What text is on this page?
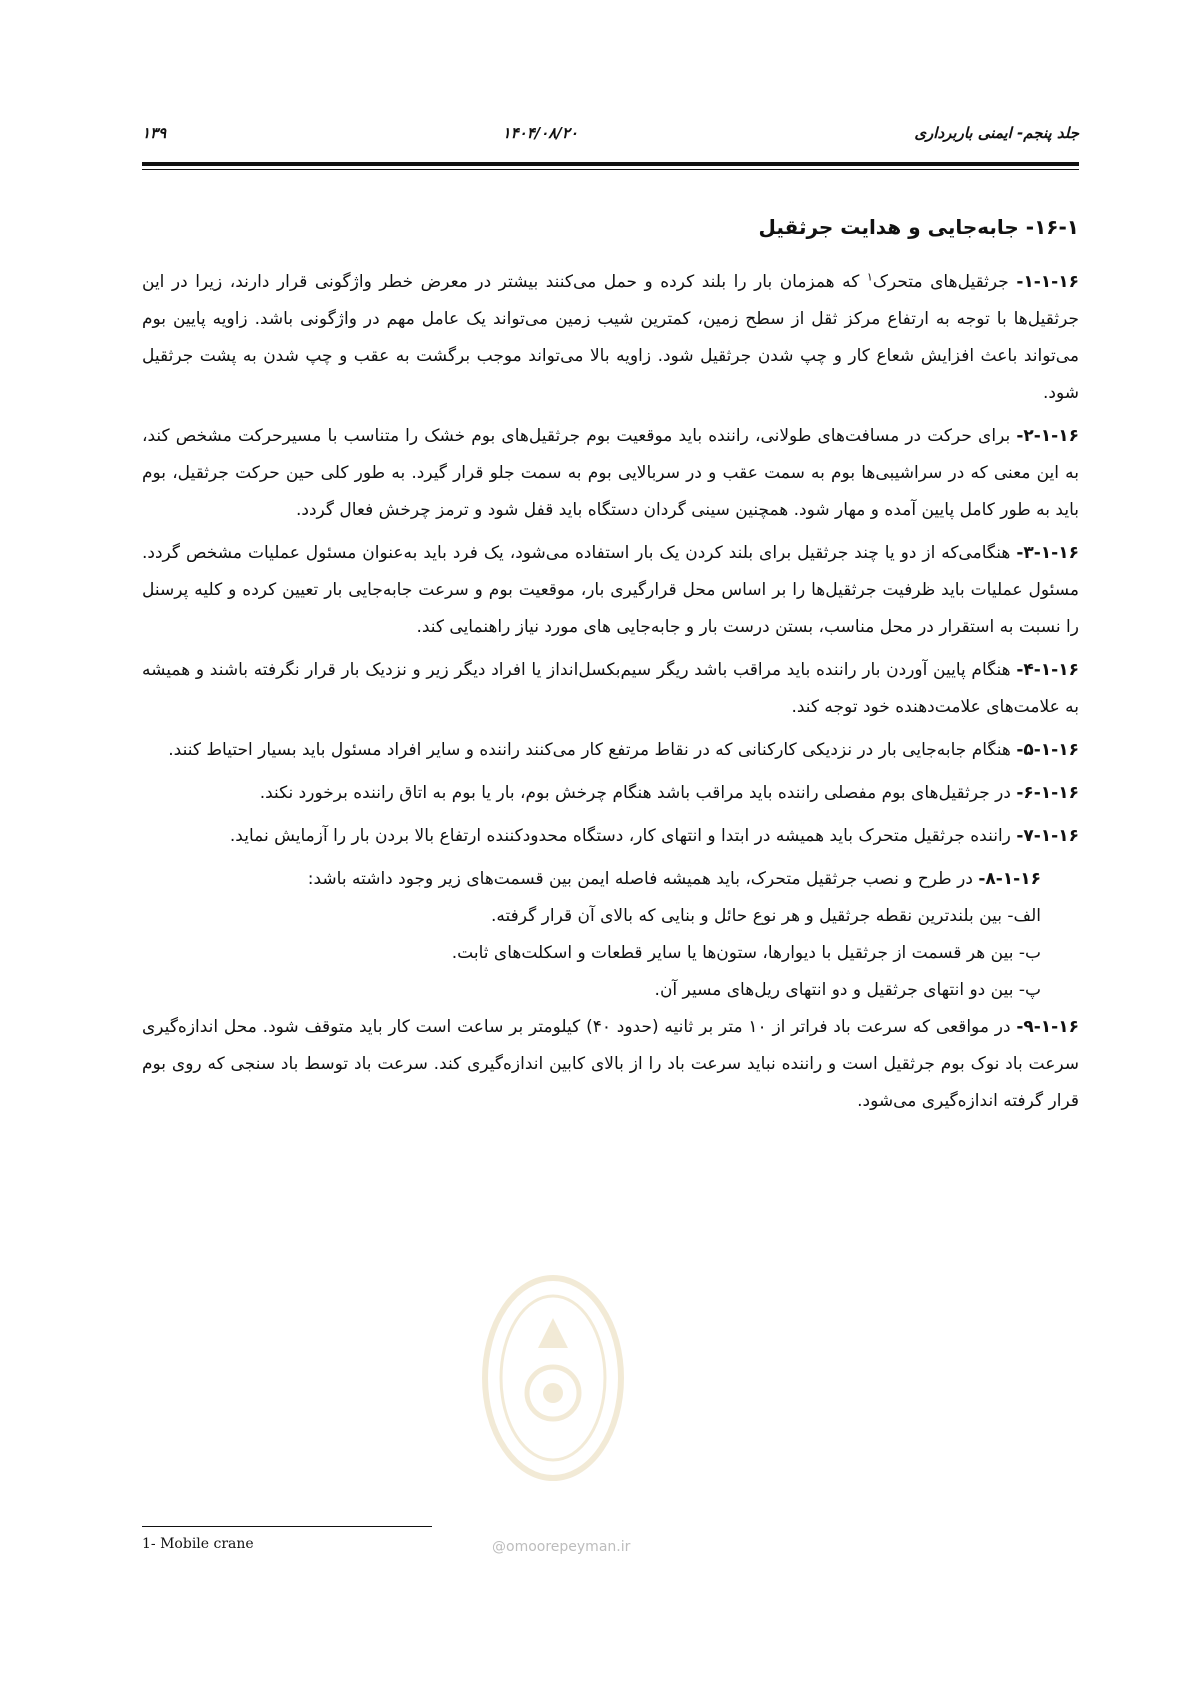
جلد پنجم- ایمنی باربرداری
۱۴۰۴/۰۸/۲۰
۱۳۹
۱۶-۱- جابه‌جایی و هدایت جرثقیل

۱-۱-۱۶- جرثقیل‌های متحرک$^۱$ که همزمان بار را بلند کرده و حمل می‌کنند بیشتر در معرض خطر واژگونی قرار دارند، زیرا در این جرثقیل‌ها با توجه به ارتفاع مرکز ثقل از سطح زمین، کمترین شیب زمین می‌تواند یک عامل مهم در واژگونی باشد. زاویه پایین بوم می‌تواند باعث افزایش شعاع کار و چپ شدن جرثقیل شود. زاویه بالا می‌تواند موجب برگشت به عقب و چپ شدن به پشت جرثقیل شود.

۲-۱-۱۶- برای حرکت در مسافت‌های طولانی، راننده باید موقعیت بوم جرثقیل‌های بوم خشک را متناسب با مسیرحرکت مشخص کند، به این معنی که در سراشیبی‌ها بوم به سمت عقب و در سربالایی بوم به سمت جلو قرار گیرد. به طور کلی حین حرکت جرثقیل، بوم باید به طور کامل پایین آمده و مهار شود. همچنین سینی گردان دستگاه باید قفل شود و ترمز چرخش فعال گردد.

۳-۱-۱۶- هنگامی‌که از دو یا چند جرثقیل برای بلند کردن یک بار استفاده می‌شود، یک فرد باید به‌عنوان مسئول عملیات مشخص گردد. مسئول عملیات باید ظرفیت جرثقیل‌ها را بر اساس محل قرارگیری بار، موقعیت بوم و سرعت جابه‌جایی بار تعیین کرده و کلیه پرسنل را نسبت به استقرار در محل مناسب، بستن درست بار و جابه‌جایی های مورد نیاز راهنمایی کند.

۴-۱-۱۶- هنگام پایین آوردن بار راننده باید مراقب باشد ریگر سیم‌بکسل‌انداز یا افراد دیگر زیر و نزدیک بار قرار نگرفته باشند و همیشه به علامت‌های علامت‌دهنده خود توجه کند.

۵-۱-۱۶- هنگام جابه‌جایی بار در نزدیکی کارکنانی که در نقاط مرتفع کار می‌کنند راننده و سایر افراد مسئول باید بسیار احتیاط کنند.

۶-۱-۱۶- در جرثقیل‌های بوم مفصلی راننده باید مراقب باشد هنگام چرخش بوم، بار یا بوم به اتاق راننده برخورد نکند.

۷-۱-۱۶- راننده جرثقیل متحرک باید همیشه در ابتدا و انتهای کار، دستگاه محدودکننده ارتفاع بالا بردن بار را آزمایش نماید.

۸-۱-۱۶- در طرح و نصب جرثقیل متحرک، باید همیشه فاصله ایمن بین قسمت‌های زیر وجود داشته باشد:

الف- بین بلندترین نقطه جرثقیل و هر نوع حائل و بنایی که بالای آن قرار گرفته.

ب- بین هر قسمت از جرثقیل با دیوارها، ستون‌ها یا سایر قطعات و اسکلت‌های ثابت.

پ- بین دو انتهای جرثقیل و دو انتهای ریل‌های مسیر آن.

۹-۱-۱۶- در مواقعی که سرعت باد فراتر از ۱۰ متر بر ثانیه (حدود ۴۰) کیلومتر بر ساعت است کار باید متوقف شود. محل اندازه‌گیری سرعت باد نوک بوم جرثقیل است و راننده نباید سرعت باد را از بالای کابین اندازه‌گیری کند. سرعت باد توسط باد سنجی که روی بوم قرار گرفته اندازه‌گیری می‌شود.

@omoorepeyman.ir
1- Mobile crane
